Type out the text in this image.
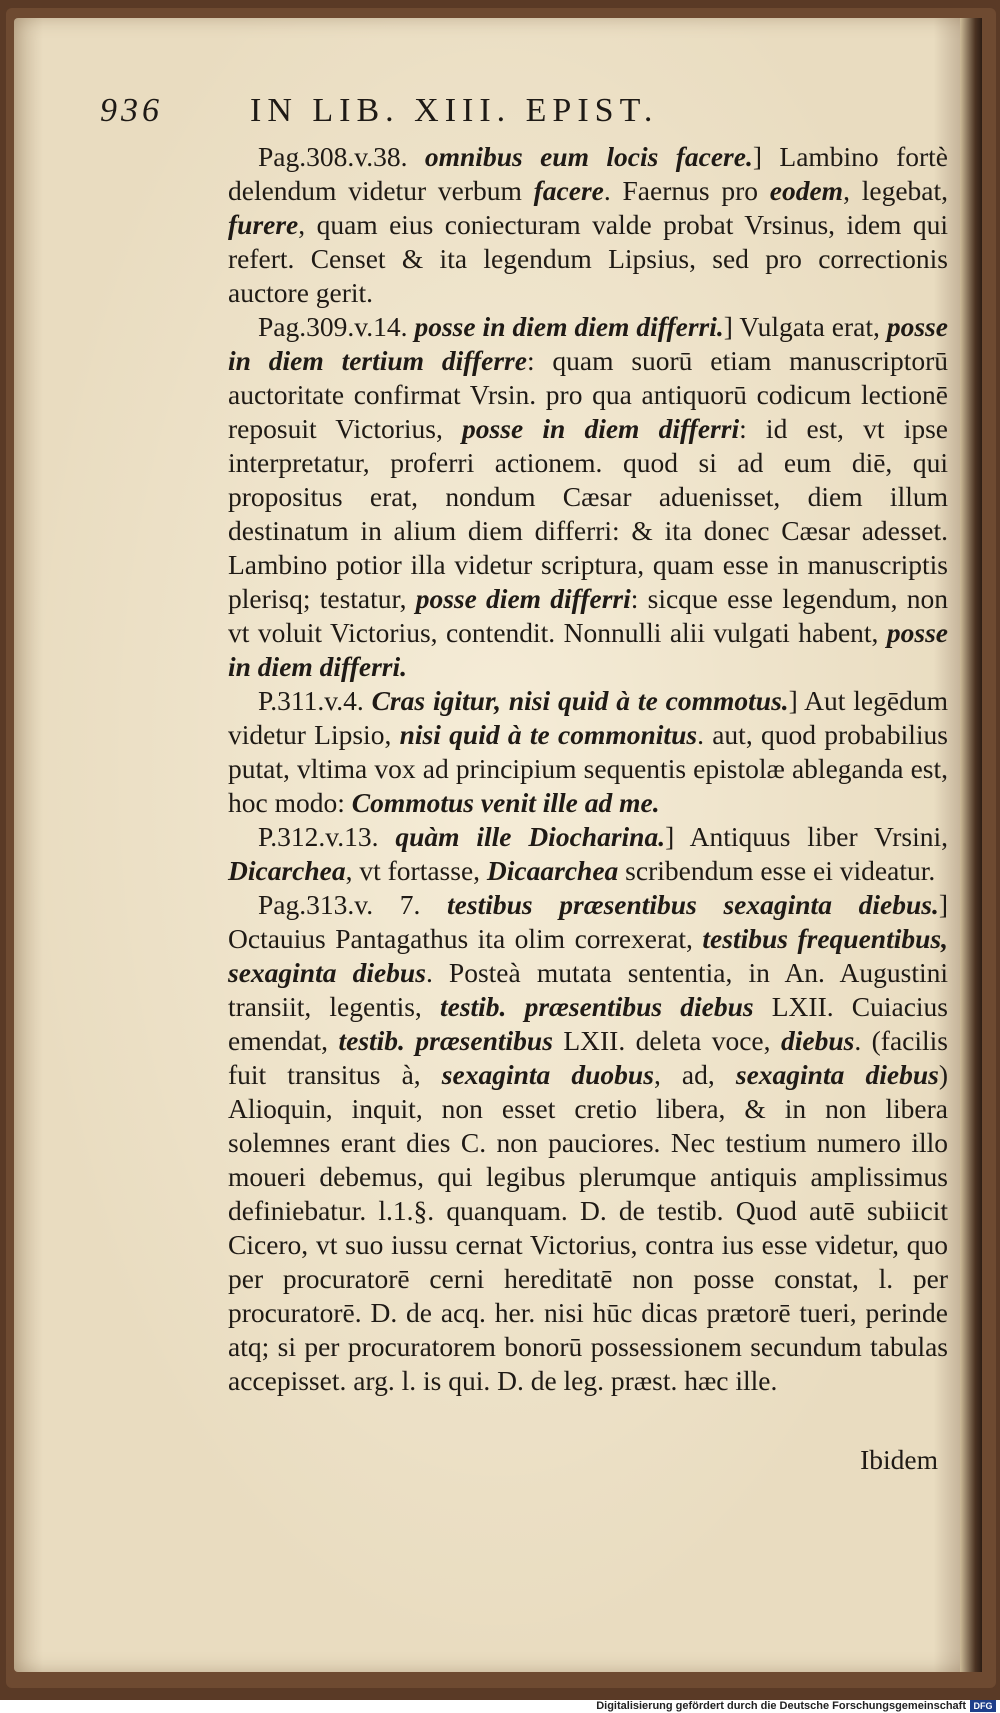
936	IN LIB. XIII. EPIST.

Pag.308.v.38. omnibus eum locis facere.] Lambino fortè delendum videtur verbum facere. Faernus pro eodem, legebat, furere, quam eius coniecturam valde probat Vrsinus, idem qui refert. Censet & ita legendum Lipsius, sed pro correctionis auctore gerit.

Pag.309.v.14. posse in diem diem differri.] Vulgata erat, posse in diem tertium differre: quam suorū etiam manuscriptorū auctoritate confirmat Vrsin. pro qua antiquorū codicum lectionē reposuit Victorius, posse in diem differri: id est, vt ipse interpretatur, proferri actionem. quod si ad eum diē, qui propositus erat, nondum Cæsar aduenisset, diem illum destinatum in alium diem differri: & ita donec Cæsar adesset. Lambino potior illa videtur scriptura, quam esse in manuscriptis plerisq; testatur, posse diem differri: sicque esse legendum, non vt voluit Victorius, contendit. Nonnulli alii vulgati habent, posse in diem differri.

P.311.v.4. Cras igitur, nisi quid à te commotus.] Aut legēdum videtur Lipsio, nisi quid à te commonitus. aut, quod probabilius putat, vltima vox ad principium sequentis epistolæ ableganda est, hoc modo: Commotus venit ille ad me.

P.312.v.13. quàm ille Diocharina.] Antiquus liber Vrsini, Dicarchea, vt fortasse, Dicaarchea scribendum esse ei videatur.

Pag.313.v. 7. testibus præsentibus sexaginta diebus.] Octauius Pantagathus ita olim correxerat, testibus frequentibus, sexaginta diebus. Posteà mutata sententia, in An. Augustini transiit, legentis, testib. præsentibus diebus LXII. Cuiacius emendat, testib. præsentibus LXII. deleta voce, diebus. (facilis fuit transitus à, sexaginta duobus, ad, sexaginta diebus) Alioquin, inquit, non esset cretio libera, & in non libera solemnes erant dies C. non pauciores. Nec testium numero illo moueri debemus, qui legibus plerumque antiquis amplissimus definiebatur. l.1.§. quanquam. D. de testib. Quod autē subiicit Cicero, vt suo iussu cernat Victorius, contra ius esse videtur, quo per procuratorē cerni hereditatē non posse constat, l. per procuratorē. D. de acq. her. nisi hūc dicas prætorē tueri, perinde atq; si per procuratorem bonorū possessionem secundum tabulas accepisset. arg. l. is qui. D. de leg. præst. hæc ille.

Ibidem
Digitalisierung gefördert durch die Deutsche Forschungsgemeinschaft DFG
